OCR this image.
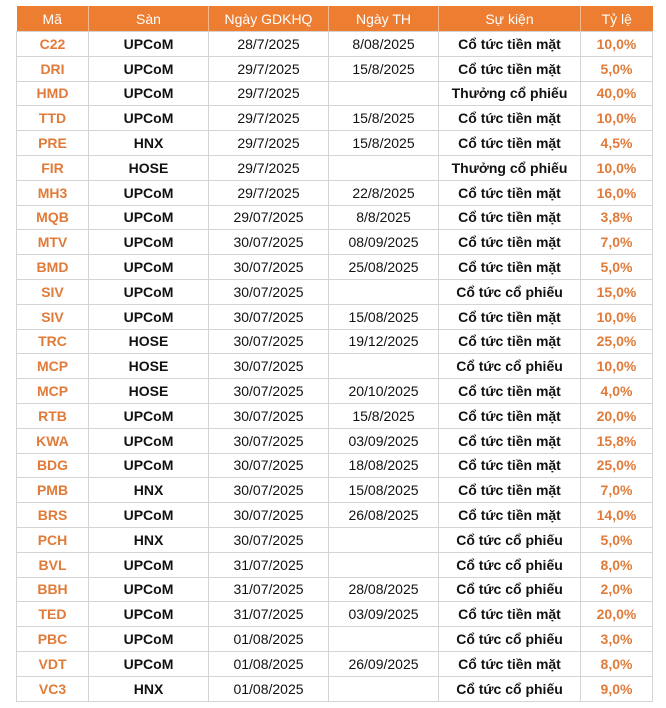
Mã	Sàn	Ngày GDKHQ	Ngày TH	Sự kiện	Tỷ lệ
C22	UPCoM	28/7/2025	8/08/2025	Cổ tức tiền mặt	10,0%
DRI	UPCoM	29/7/2025	15/8/2025	Cổ tức tiền mặt	5,0%
HMD	UPCoM	29/7/2025		Thưởng cổ phiếu	40,0%
TTD	UPCoM	29/7/2025	15/8/2025	Cổ tức tiền mặt	10,0%
PRE	HNX	29/7/2025	15/8/2025	Cổ tức tiền mặt	4,5%
FIR	HOSE	29/7/2025		Thưởng cổ phiếu	10,0%
MH3	UPCoM	29/7/2025	22/8/2025	Cổ tức tiền mặt	16,0%
MQB	UPCoM	29/07/2025	8/8/2025	Cổ tức tiền mặt	3,8%
MTV	UPCoM	30/07/2025	08/09/2025	Cổ tức tiền mặt	7,0%
BMD	UPCoM	30/07/2025	25/08/2025	Cổ tức tiền mặt	5,0%
SIV	UPCoM	30/07/2025		Cổ tức cổ phiếu	15,0%
SIV	UPCoM	30/07/2025	15/08/2025	Cổ tức tiền mặt	10,0%
TRC	HOSE	30/07/2025	19/12/2025	Cổ tức tiền mặt	25,0%
MCP	HOSE	30/07/2025		Cổ tức cổ phiếu	10,0%
MCP	HOSE	30/07/2025	20/10/2025	Cổ tức tiền mặt	4,0%
RTB	UPCoM	30/07/2025	15/8/2025	Cổ tức tiền mặt	20,0%
KWA	UPCoM	30/07/2025	03/09/2025	Cổ tức tiền mặt	15,8%
BDG	UPCoM	30/07/2025	18/08/2025	Cổ tức tiền mặt	25,0%
PMB	HNX	30/07/2025	15/08/2025	Cổ tức tiền mặt	7,0%
BRS	UPCoM	30/07/2025	26/08/2025	Cổ tức tiền mặt	14,0%
PCH	HNX	30/07/2025		Cổ tức cổ phiếu	5,0%
BVL	UPCoM	31/07/2025		Cổ tức cổ phiếu	8,0%
BBH	UPCoM	31/07/2025	28/08/2025	Cổ tức cổ phiếu	2,0%
TED	UPCoM	31/07/2025	03/09/2025	Cổ tức tiền mặt	20,0%
PBC	UPCoM	01/08/2025		Cổ tức cổ phiếu	3,0%
VDT	UPCoM	01/08/2025	26/09/2025	Cổ tức tiền mặt	8,0%
VC3	HNX	01/08/2025		Cổ tức cổ phiếu	9,0%
